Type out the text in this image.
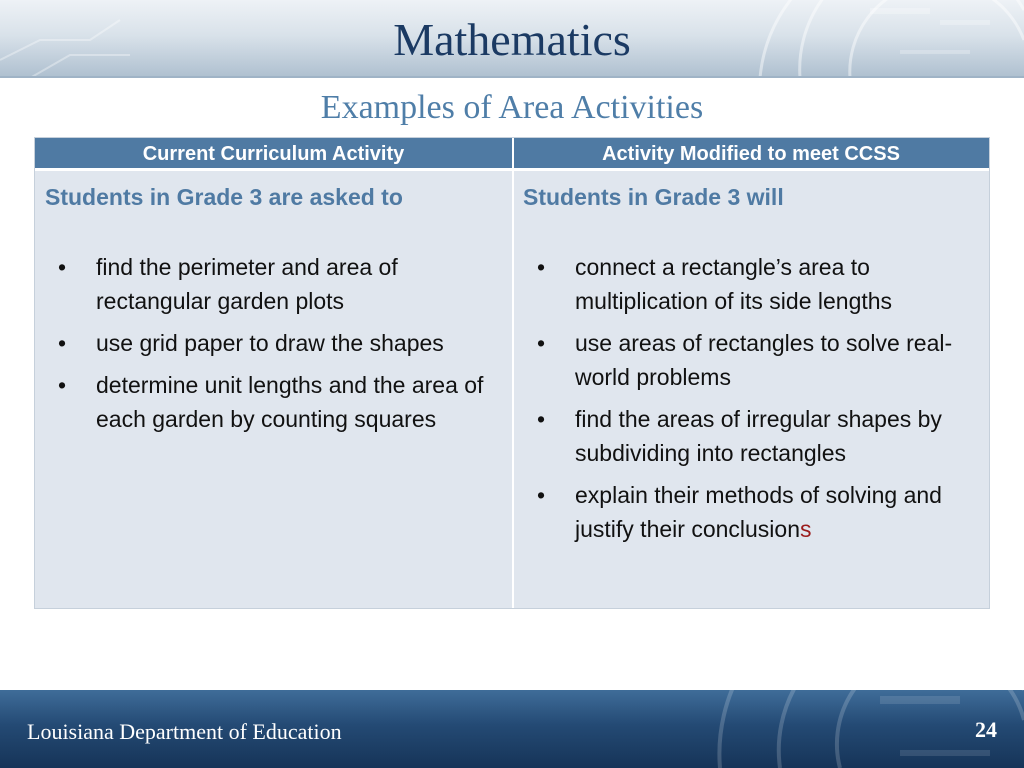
Mathematics
Examples of Area Activities
Current Curriculum Activity	Activity Modified to meet CCSS
Students in Grade 3 are asked to
• find the perimeter and area of rectangular garden plots
• use grid paper to draw the shapes
• determine unit lengths and the area of each garden by counting squares
Students in Grade 3 will
• connect a rectangle’s area to multiplication of its side lengths
• use areas of rectangles to solve real-world problems
• find the areas of irregular shapes by subdividing into rectangles
• explain their methods of solving and justify their conclusions
Louisiana Department of Education	24
